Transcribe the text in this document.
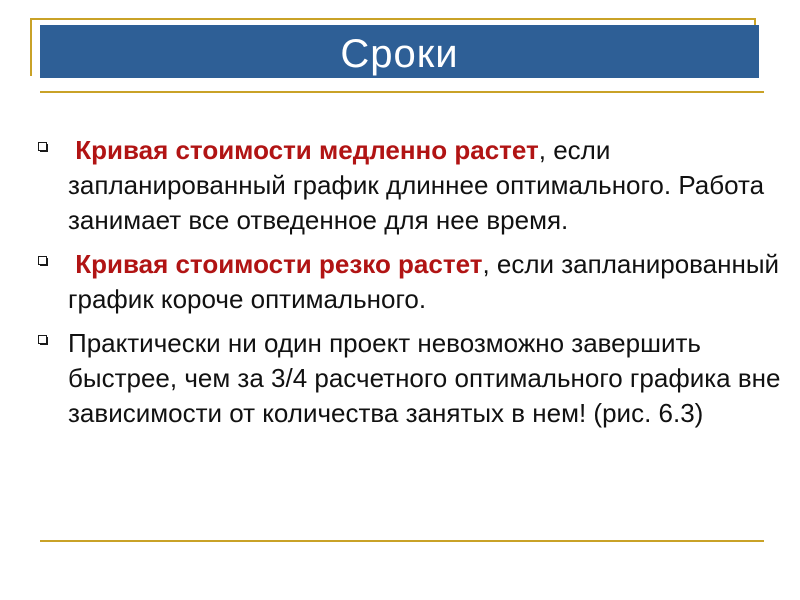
Сроки
Кривая стоимости медленно растет, если запланированный график длиннее оптимального. Работа занимает все отведенное для нее время.
Кривая стоимости резко растет, если запланированный график короче оптимального.
Практически ни один проект невозможно завершить быстрее, чем за 3/4 расчетного оптимального графика вне зависимости от количества занятых в нем! (рис. 6.3)
